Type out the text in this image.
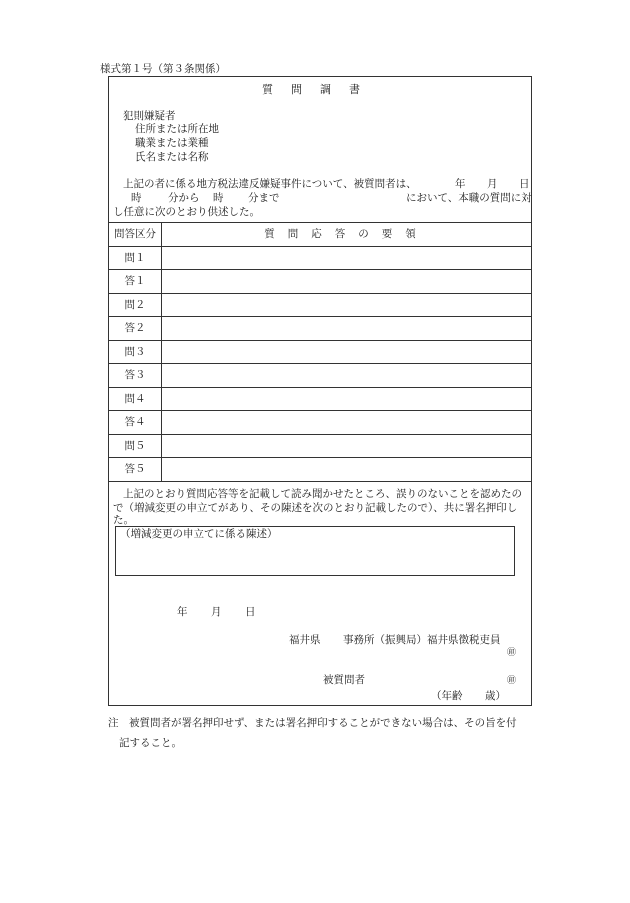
様式第１号（第３条関係）
質問調書
犯則嫌疑者
住所または所在地
職業または業種
氏名または名称
上記の者に係る地方税法違反嫌疑事件について、被質問者は、	年 月 日
時	分から 時 分まで	において、本職の質問に対
し任意に次のとおり供述した。
問答区分	質問応答の要領
問１	
答１	
問２	
答２	
問３	
答３	
問４	
答４	
問５	
答５	
上記のとおり質問応答等を記載して読み聞かせたところ、誤りのないことを認めたの
で（増減変更の申立てがあり、その陳述を次のとおり記載したので）、共に署名押印し
た。
（増減変更の申立てに係る陳述）
年 月 日
福井県 事務所（振興局） 福井県徴税吏員
㊞
被質問者	㊞
（年齢 歳）
注　被質問者が署名押印せず、または署名押印することができない場合は、その旨を付
記すること。
